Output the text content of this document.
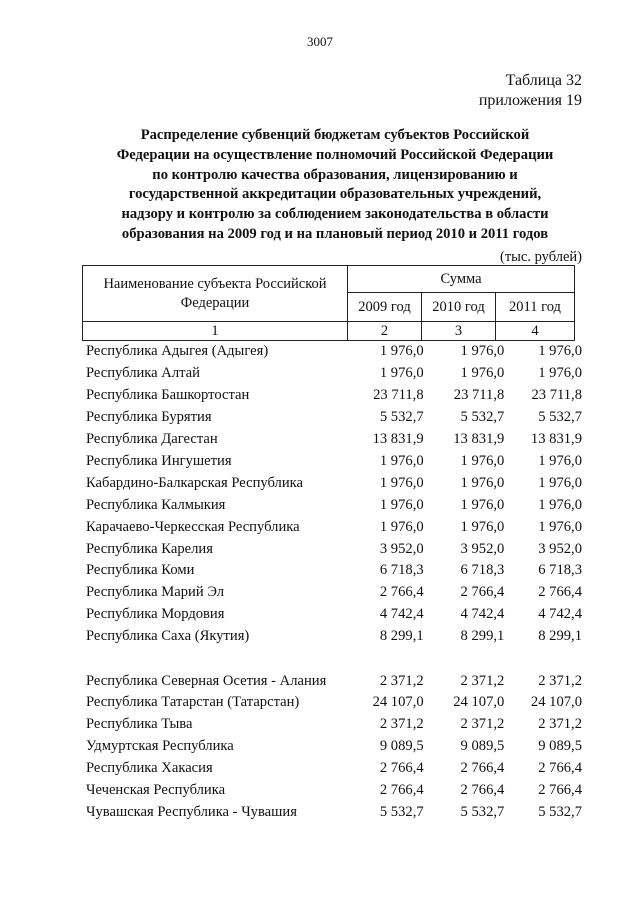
3007
Таблица 32
приложения 19
Распределение субвенций бюджетам субъектов Российской
Федерации на осуществление полномочий Российской Федерации
по контролю качества образования, лицензированию и
государственной аккредитации образовательных учреждений,
надзору и контролю за соблюдением законодательства в области
образования на 2009 год и на плановый период 2010 и 2011 годов
(тыс. рублей)
Наименование субъекта Российской Федерации	Сумма		
	2009 год	2010 год	2011 год
1	2	3	4
Республика Адыгея (Адыгея)	1 976,0	1 976,0	1 976,0
Республика Алтай	1 976,0	1 976,0	1 976,0
Республика Башкортостан	23 711,8	23 711,8	23 711,8
Республика Бурятия	5 532,7	5 532,7	5 532,7
Республика Дагестан	13 831,9	13 831,9	13 831,9
Республика Ингушетия	1 976,0	1 976,0	1 976,0
Кабардино-Балкарская Республика	1 976,0	1 976,0	1 976,0
Республика Калмыкия	1 976,0	1 976,0	1 976,0
Карачаево-Черкесская Республика	1 976,0	1 976,0	1 976,0
Республика Карелия	3 952,0	3 952,0	3 952,0
Республика Коми	6 718,3	6 718,3	6 718,3
Республика Марий Эл	2 766,4	2 766,4	2 766,4
Республика Мордовия	4 742,4	4 742,4	4 742,4
Республика Саха (Якутия)	8 299,1	8 299,1	8 299,1
Республика Северная Осетия - Алания	2 371,2	2 371,2	2 371,2
Республика Татарстан (Татарстан)	24 107,0	24 107,0	24 107,0
Республика Тыва	2 371,2	2 371,2	2 371,2
Удмуртская Республика	9 089,5	9 089,5	9 089,5
Республика Хакасия	2 766,4	2 766,4	2 766,4
Чеченская Республика	2 766,4	2 766,4	2 766,4
Чувашская Республика - Чувашия	5 532,7	5 532,7	5 532,7
